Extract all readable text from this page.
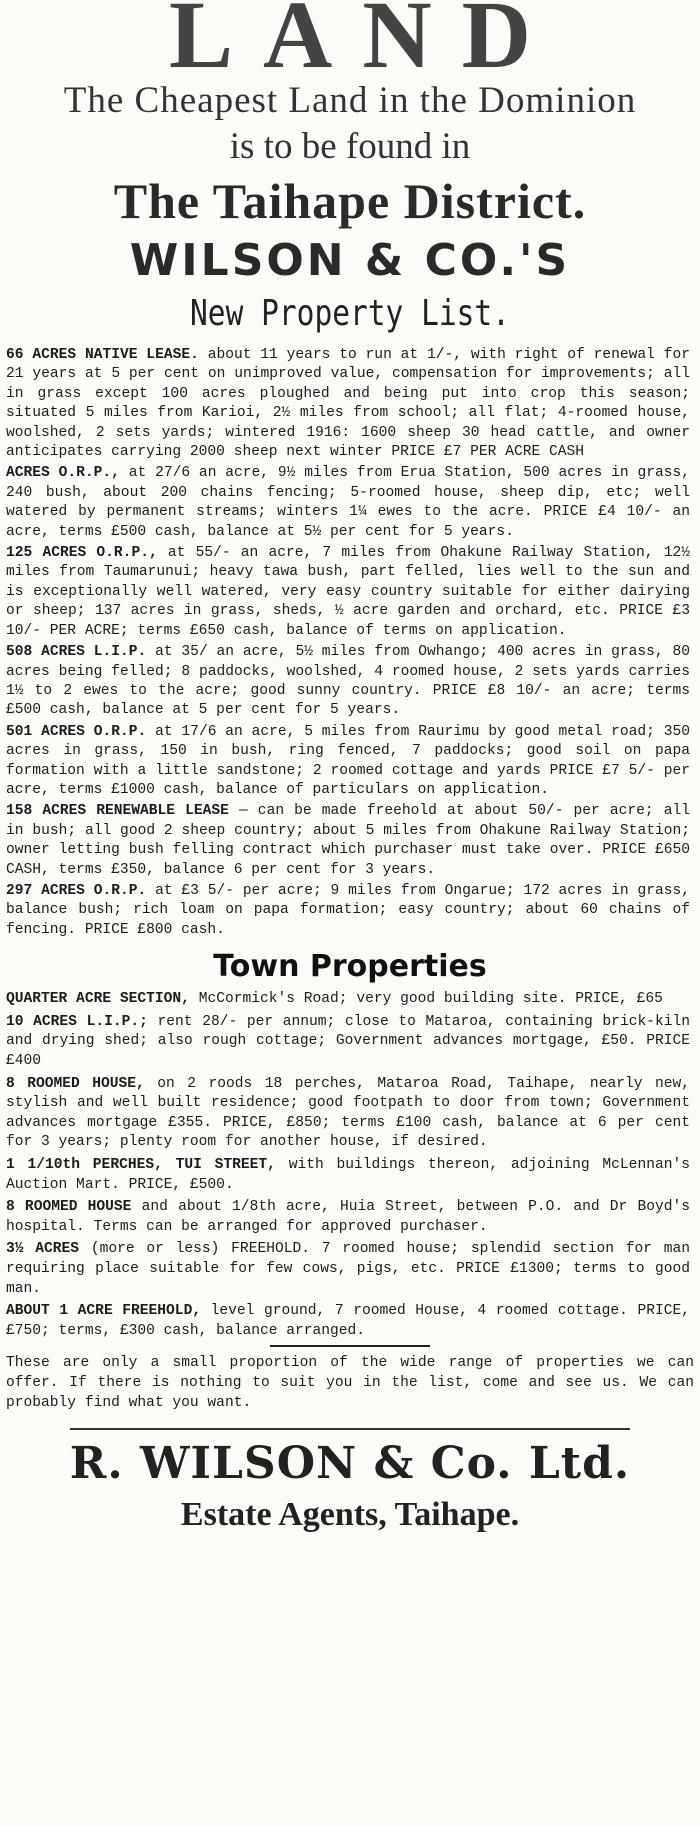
LAND
The Cheapest Land in the Dominion
is to be found in
The Taihape District.
WILSON & CO.'S
New Property List.

66 ACRES NATIVE LEASE. about 11 years to run at 1/-, with right of renewal for 21 years at 5 per cent on unimproved value, compensation for improvements; all in grass except 100 acres ploughed and being put into crop this season; situated 5 miles from Karioi, 2½ miles from school; all flat; 4-roomed house, woolshed, 2 sets yards; wintered 1916: 1600 sheep 30 head cattle, and owner anticipates carrying 2000 sheep next winter PRICE £7 PER ACRE CASH

ACRES O.R.P., at 27/6 an acre, 9½ miles from Erua Station, 500 acres in grass, 240 bush, about 200 chains fencing; 5-roomed house, sheep dip, etc; well watered by permanent streams; winters 1¼ ewes to the acre. PRICE £4 10/- an acre, terms £500 cash, balance at 5½ per cent for 5 years.

125 ACRES O.R.P., at 55/- an acre, 7 miles from Ohakune Railway Station, 12½ miles from Taumarunui; heavy tawa bush, part felled, lies well to the sun and is exceptionally well watered, very easy country suitable for either dairying or sheep; 137 acres in grass, sheds, ½ acre garden and orchard, etc. PRICE £3 10/- PER ACRE; terms £650 cash, balance of terms on application.

508 ACRES L.I.P. at 35/ an acre, 5½ miles from Owhango; 400 acres in grass, 80 acres being felled; 8 paddocks, woolshed, 4 roomed house, 2 sets yards carries 1½ to 2 ewes to the acre; good sunny country. PRICE £8 10/- an acre; terms £500 cash, balance at 5 per cent for 5 years.

501 ACRES O.R.P. at 17/6 an acre, 5 miles from Raurimu by good metal road; 350 acres in grass, 150 in bush, ring fenced, 7 paddocks; good soil on papa formation with a little sandstone; 2 roomed cottage and yards PRICE £7 5/- per acre, terms £1000 cash, balance of particulars on application.

158 ACRES RENEWABLE LEASE — can be made freehold at about 50/- per acre; all in bush; all good 2 sheep country; about 5 miles from Ohakune Railway Station; owner letting bush felling contract which purchaser must take over. PRICE £650 CASH, terms £350, balance 6 per cent for 3 years.

297 ACRES O.R.P. at £3 5/- per acre; 9 miles from Ongarue; 172 acres in grass, balance bush; rich loam on papa formation; easy country; about 60 chains of fencing. PRICE £800 cash.

Town Properties

QUARTER ACRE SECTION, McCormick's Road; very good building site. PRICE, £65

10 ACRES L.I.P.; rent 28/- per annum; close to Mataroa, containing brick-kiln and drying shed; also rough cottage; Government advances mortgage, £50. PRICE £400

8 ROOMED HOUSE, on 2 roods 18 perches, Mataroa Road, Taihape, nearly new, stylish and well built residence; good footpath to door from town; Government advances mortgage £355. PRICE, £850; terms £100 cash, balance at 6 per cent for 3 years; plenty room for another house, if desired.

1 1/10th PERCHES, TUI STREET, with buildings thereon, adjoining McLennan's Auction Mart. PRICE, £500.

8 ROOMED HOUSE and about 1/8th acre, Huia Street, between P.O. and Dr Boyd's hospital. Terms can be arranged for approved purchaser.

3½ ACRES (more or less) FREEHOLD. 7 roomed house; splendid section for man requiring place suitable for few cows, pigs, etc. PRICE £1300; terms to good man.

ABOUT 1 ACRE FREEHOLD, level ground, 7 roomed House, 4 roomed cottage. PRICE, £750; terms, £300 cash, balance arranged.

These are only a small proportion of the wide range of properties we can offer. If there is nothing to suit you in the list, come and see us. We can probably find what you want.

R. WILSON & Co. Ltd.
Estate Agents, Taihape.
